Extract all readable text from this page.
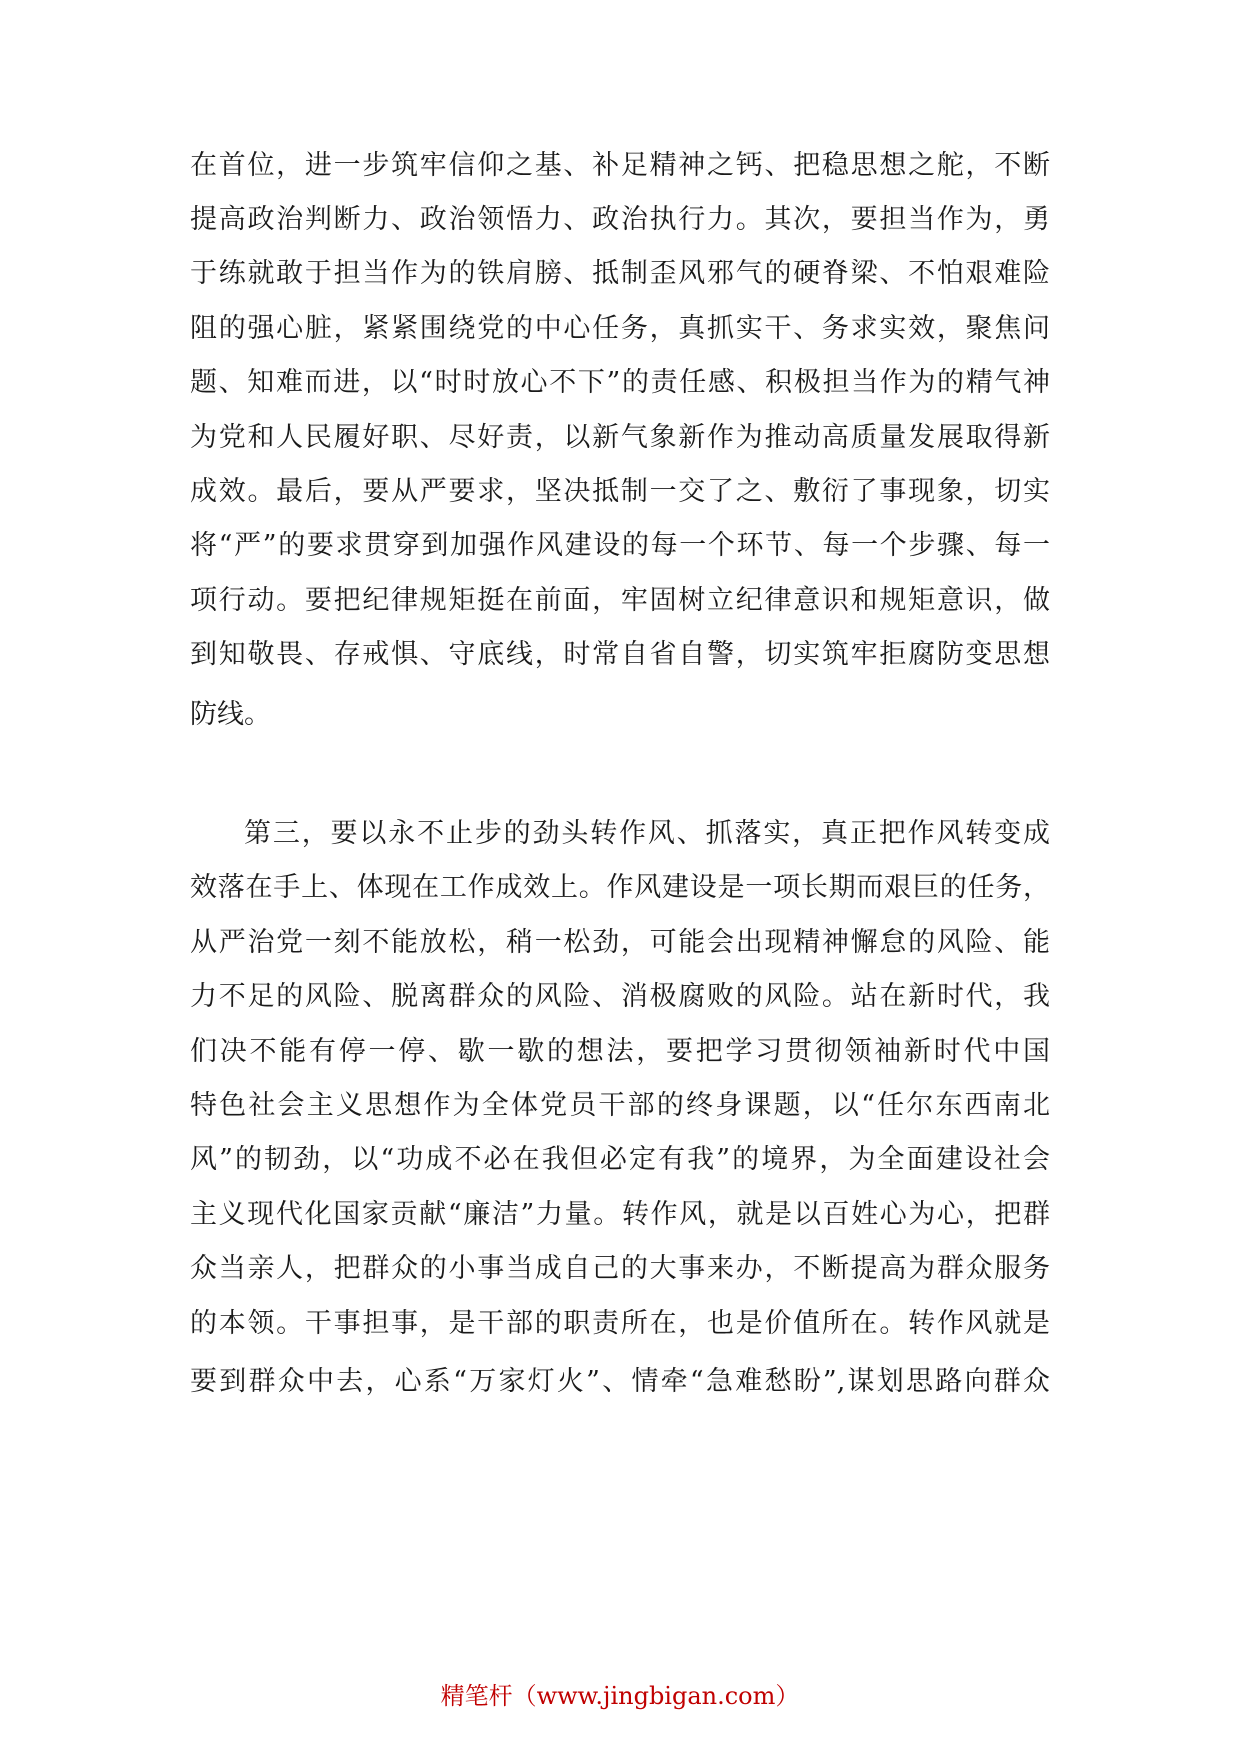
在首位，进一步筑牢信仰之基、补足精神之钙、把稳思想之舵，不断
提高政治判断力、政治领悟力、政治执行力。其次，要担当作为，勇
于练就敢于担当作为的铁肩膀、抵制歪风邪气的硬脊梁、不怕艰难险
阻的强心脏，紧紧围绕党的中心任务，真抓实干、务求实效，聚焦问
题、知难而进，以“时时放心不下”的责任感、积极担当作为的精气神
为党和人民履好职、尽好责，以新气象新作为推动高质量发展取得新
成效。最后，要从严要求，坚决抵制一交了之、敷衍了事现象，切实
将“严”的要求贯穿到加强作风建设的每一个环节、每一个步骤、每一
项行动。要把纪律规矩挺在前面，牢固树立纪律意识和规矩意识，做
到知敬畏、存戒惧、守底线，时常自省自警，切实筑牢拒腐防变思想
防线。
第三，要以永不止步的劲头转作风、抓落实，真正把作风转变成
效落在手上、体现在工作成效上。作风建设是一项长期而艰巨的任务，
从严治党一刻不能放松，稍一松劲，可能会出现精神懈怠的风险、能
力不足的风险、脱离群众的风险、消极腐败的风险。站在新时代，我
们决不能有停一停、歇一歇的想法，要把学习贯彻领袖新时代中国
特色社会主义思想作为全体党员干部的终身课题，以“任尔东西南北
风”的韧劲，以“功成不必在我但必定有我”的境界，为全面建设社会
主义现代化国家贡献“廉洁”力量。转作风，就是以百姓心为心，把群
众当亲人，把群众的小事当成自己的大事来办，不断提高为群众服务
的本领。干事担事，是干部的职责所在，也是价值所在。转作风就是
要到群众中去，心系“万家灯火”、情牵“急难愁盼”,谋划思路向群众
精笔杆（www.jingbigan.com）
